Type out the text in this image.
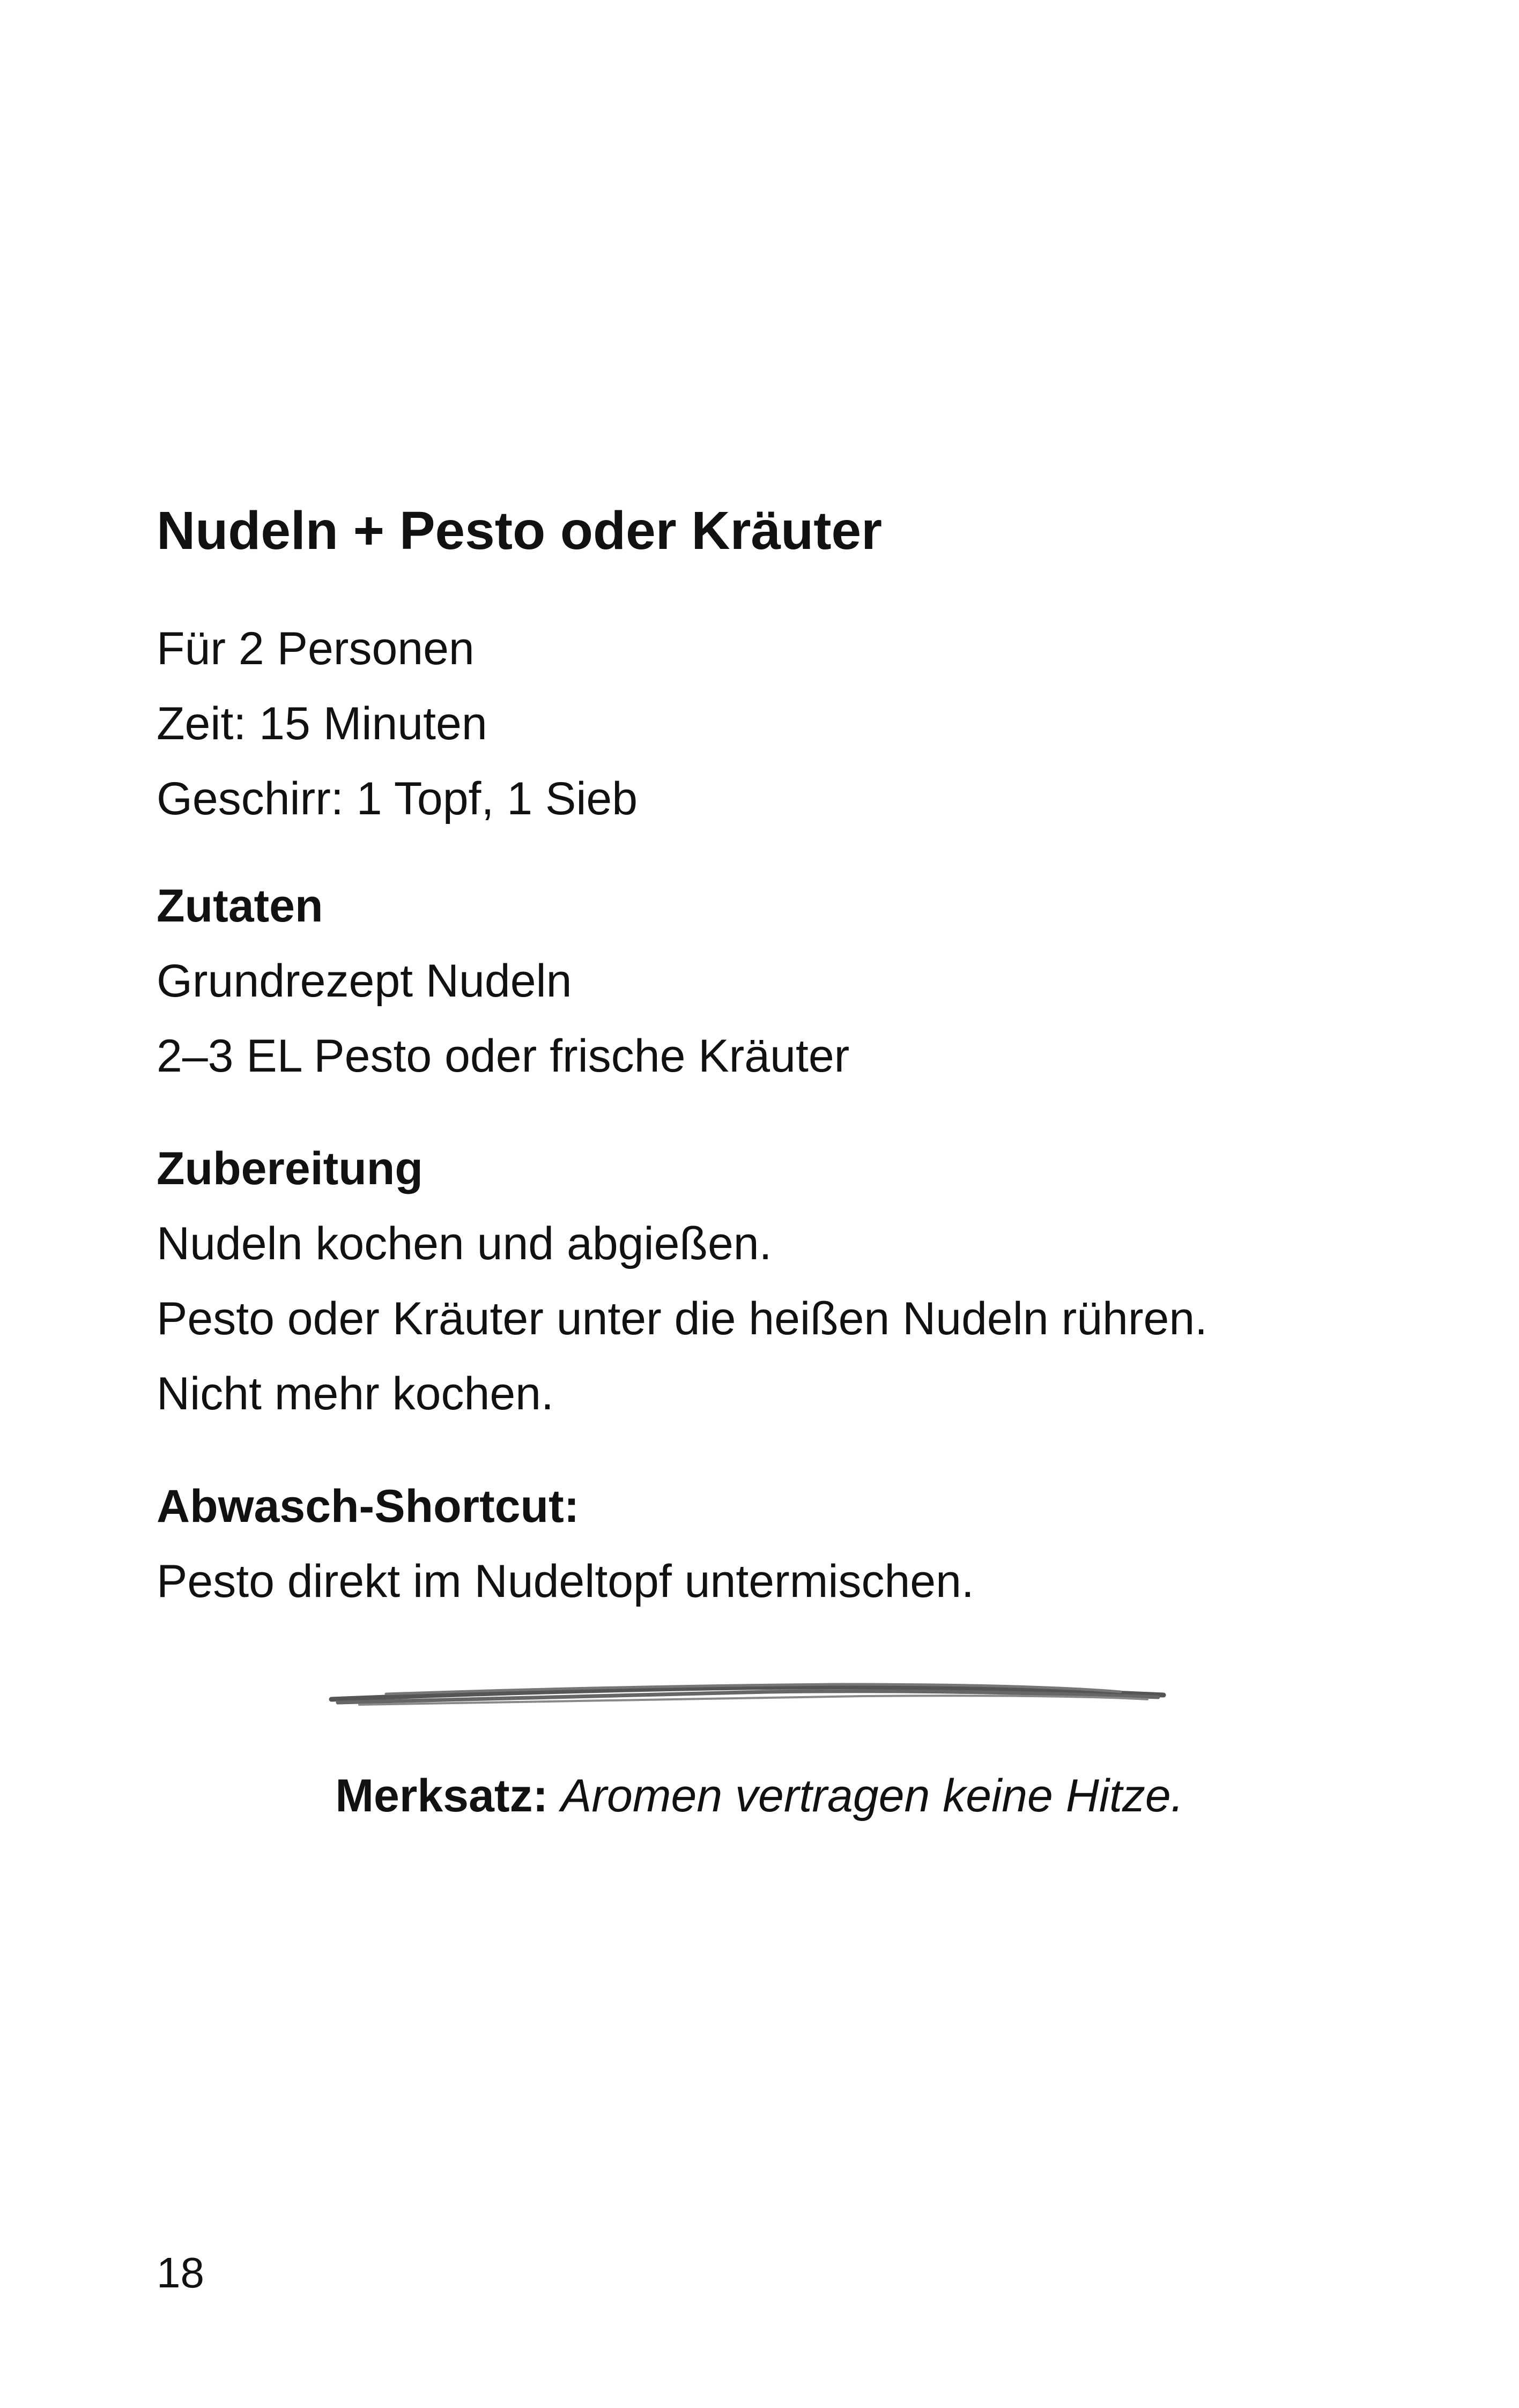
Nudeln + Pesto oder Kräuter
Für 2 Personen
Zeit: 15 Minuten
Geschirr: 1 Topf, 1 Sieb
Zutaten
Grundrezept Nudeln
2–3 EL Pesto oder frische Kräuter
Zubereitung
Nudeln kochen und abgießen.
Pesto oder Kräuter unter die heißen Nudeln rühren.
Nicht mehr kochen.
Abwasch-Shortcut:
Pesto direkt im Nudeltopf untermischen.
Merksatz: Aromen vertragen keine Hitze.
18
